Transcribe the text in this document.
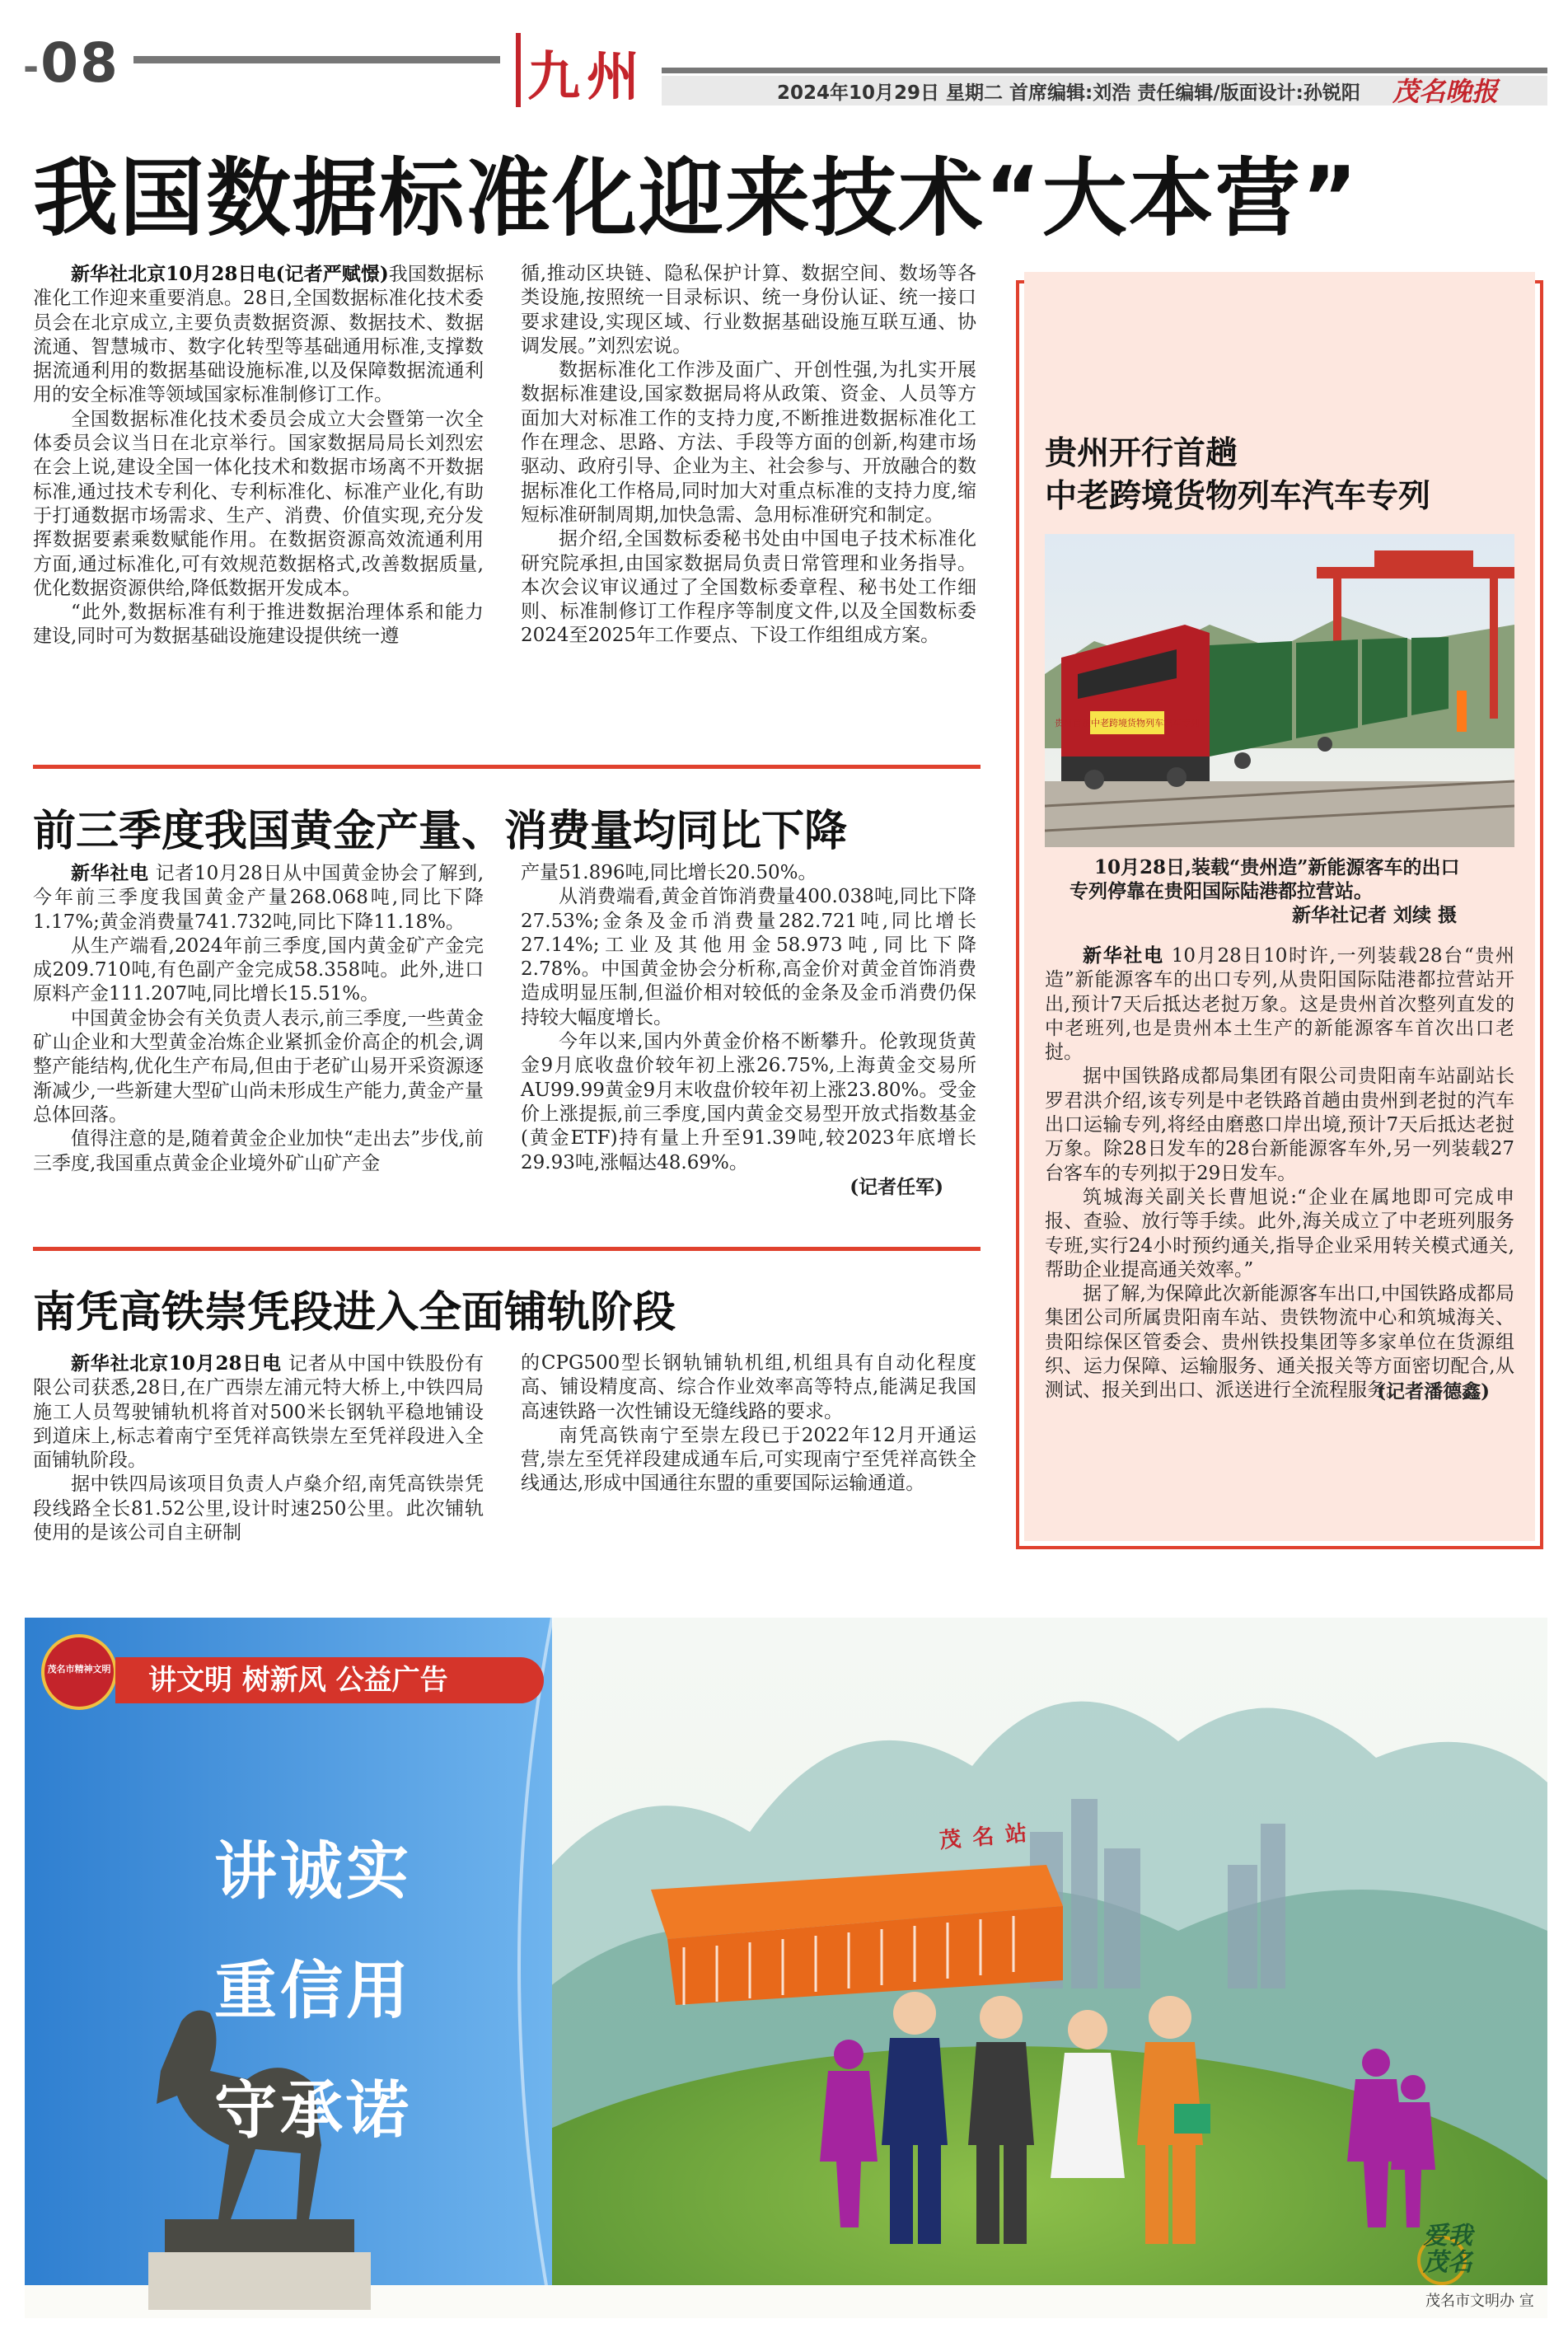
-08	九州	2024年10月29日 星期二 首席编辑:刘浩 责任编辑/版面设计:孙锐阳 茂名晚报
我国数据标准化迎来技术“大本营”

新华社北京10月28日电(记者严赋憬)我国数据标准化工作迎来重要消息。28日,全国数据标准化技术委员会在北京成立,主要负责数据资源、数据技术、数据流通、智慧城市、数字化转型等基础通用标准,支撑数据流通利用的数据基础设施标准,以及保障数据流通利用的安全标准等领域国家标准制修订工作。

全国数据标准化技术委员会成立大会暨第一次全体委员会议当日在北京举行。国家数据局局长刘烈宏在会上说,建设全国一体化技术和数据市场离不开数据标准,通过技术专利化、专利标准化、标准产业化,有助于打通数据市场需求、生产、消费、价值实现,充分发挥数据要素乘数赋能作用。在数据资源高效流通利用方面,通过标准化,可有效规范数据格式,改善数据质量,优化数据资源供给,降低数据开发成本。

“此外,数据标准有利于推进数据治理体系和能力建设,同时可为数据基础设施建设提供统一遵

循,推动区块链、隐私保护计算、数据空间、数场等各类设施,按照统一目录标识、统一身份认证、统一接口要求建设,实现区域、行业数据基础设施互联互通、协调发展。”刘烈宏说。

数据标准化工作涉及面广、开创性强,为扎实开展数据标准建设,国家数据局将从政策、资金、人员等方面加大对标准工作的支持力度,不断推进数据标准化工作在理念、思路、方法、手段等方面的创新,构建市场驱动、政府引导、企业为主、社会参与、开放融合的数据标准化工作格局,同时加大对重点标准的支持力度,缩短标准研制周期,加快急需、急用标准研究和制定。

据介绍,全国数标委秘书处由中国电子技术标准化研究院承担,由国家数据局负责日常管理和业务指导。本次会议审议通过了全国数标委章程、秘书处工作细则、标准制修订工作程序等制度文件,以及全国数标委2024至2025年工作要点、下设工作组组成方案。

前三季度我国黄金产量、消费量均同比下降

新华社电 记者10月28日从中国黄金协会了解到,今年前三季度我国黄金产量268.068吨,同比下降1.17%;黄金消费量741.732吨,同比下降11.18%。

从生产端看,2024年前三季度,国内黄金矿产金完成209.710吨,有色副产金完成58.358吨。此外,进口原料产金111.207吨,同比增长15.51%。

中国黄金协会有关负责人表示,前三季度,一些黄金矿山企业和大型黄金冶炼企业紧抓金价高企的机会,调整产能结构,优化生产布局,但由于老矿山易开采资源逐渐减少,一些新建大型矿山尚未形成生产能力,黄金产量总体回落。

值得注意的是,随着黄金企业加快“走出去”步伐,前三季度,我国重点黄金企业境外矿山矿产金

产量51.896吨,同比增长20.50%。

从消费端看,黄金首饰消费量400.038吨,同比下降27.53%;金条及金币消费量282.721吨,同比增长27.14%;工业及其他用金58.973吨,同比下降2.78%。中国黄金协会分析称,高金价对黄金首饰消费造成明显压制,但溢价相对较低的金条及金币消费仍保持较大幅度增长。

今年以来,国内外黄金价格不断攀升。伦敦现货黄金9月底收盘价较年初上涨26.75%,上海黄金交易所AU99.99黄金9月末收盘价较年初上涨23.80%。受金价上涨提振,前三季度,国内黄金交易型开放式指数基金(黄金ETF)持有量上升至91.39吨,较2023年底增长29.93吨,涨幅达48.69%。

(记者任军)

南凭高铁崇凭段进入全面铺轨阶段

新华社北京10月28日电 记者从中国中铁股份有限公司获悉,28日,在广西崇左浦元特大桥上,中铁四局施工人员驾驶铺轨机将首对500米长钢轨平稳地铺设到道床上,标志着南宁至凭祥高铁崇左至凭祥段进入全面铺轨阶段。

据中铁四局该项目负责人卢燊介绍,南凭高铁崇凭段线路全长81.52公里,设计时速250公里。此次铺轨使用的是该公司自主研制

的CPG500型长钢轨铺轨机组,机组具有自动化程度高、铺设精度高、综合作业效率高等特点,能满足我国高速铁路一次性铺设无缝线路的要求。

南凭高铁南宁至崇左段已于2022年12月开通运营,崇左至凭祥段建成通车后,可实现南宁至凭祥高铁全线通达,形成中国通往东盟的重要国际运输通道。

贵州开行首趟
中老跨境货物列车汽车专列
贵州首趟中老跨境货物列车汽车专列
10月28日,装载“贵州造”新能源客车的出口
专列停靠在贵阳国际陆港都拉营站。
新华社记者 刘续 摄

新华社电 10月28日10时许,一列装载28台“贵州造”新能源客车的出口专列,从贵阳国际陆港都拉营站开出,预计7天后抵达老挝万象。这是贵州首次整列直发的中老班列,也是贵州本土生产的新能源客车首次出口老挝。

据中国铁路成都局集团有限公司贵阳南车站副站长罗君洪介绍,该专列是中老铁路首趟由贵州到老挝的汽车出口运输专列,将经由磨憨口岸出境,预计7天后抵达老挝万象。除28日发车的28台新能源客车外,另一列装载27台客车的专列拟于29日发车。

筑城海关副关长曹旭说:“企业在属地即可完成申报、查验、放行等手续。此外,海关成立了中老班列服务专班,实行24小时预约通关,指导企业采用转关模式通关,帮助企业提高通关效率。”

据了解,为保障此次新能源客车出口,中国铁路成都局集团公司所属贵阳南车站、贵铁物流中心和筑城海关、贵阳综保区管委会、贵州铁投集团等多家单位在货源组织、运力保障、运输服务、通关报关等方面密切配合,从测试、报关到出口、派送进行全流程服务。

(记者潘德鑫)

茂名市精神文明	讲文明 树新风 公益广告
讲诚实
重信用
守承诺
茂名站
爱我茂名
茂名市文明办 宣
